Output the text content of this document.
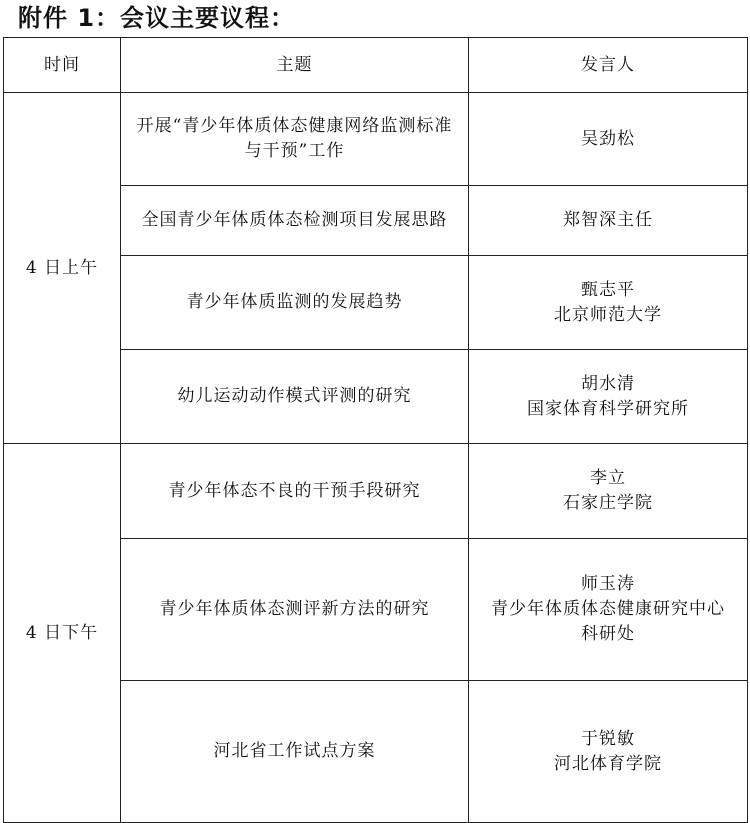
附件 1：会议主要议程：
时间	主题	发言人
4 日上午	开展“青少年体质体态健康网络监测标准与干预”工作	吴劲松

	全国青少年体质体态检测项目发展思路	郑智深主任

	青少年体质监测的发展趋势	甄志平
北京师范大学

	幼儿运动动作模式评测的研究	胡水清
国家体育科学研究所

4 日下午	青少年体态不良的干预手段研究	李立
石家庄学院

	青少年体质体态测评新方法的研究	师玉涛
青少年体质体态健康研究中心
科研处

	河北省工作试点方案	于锐敏
河北体育学院
